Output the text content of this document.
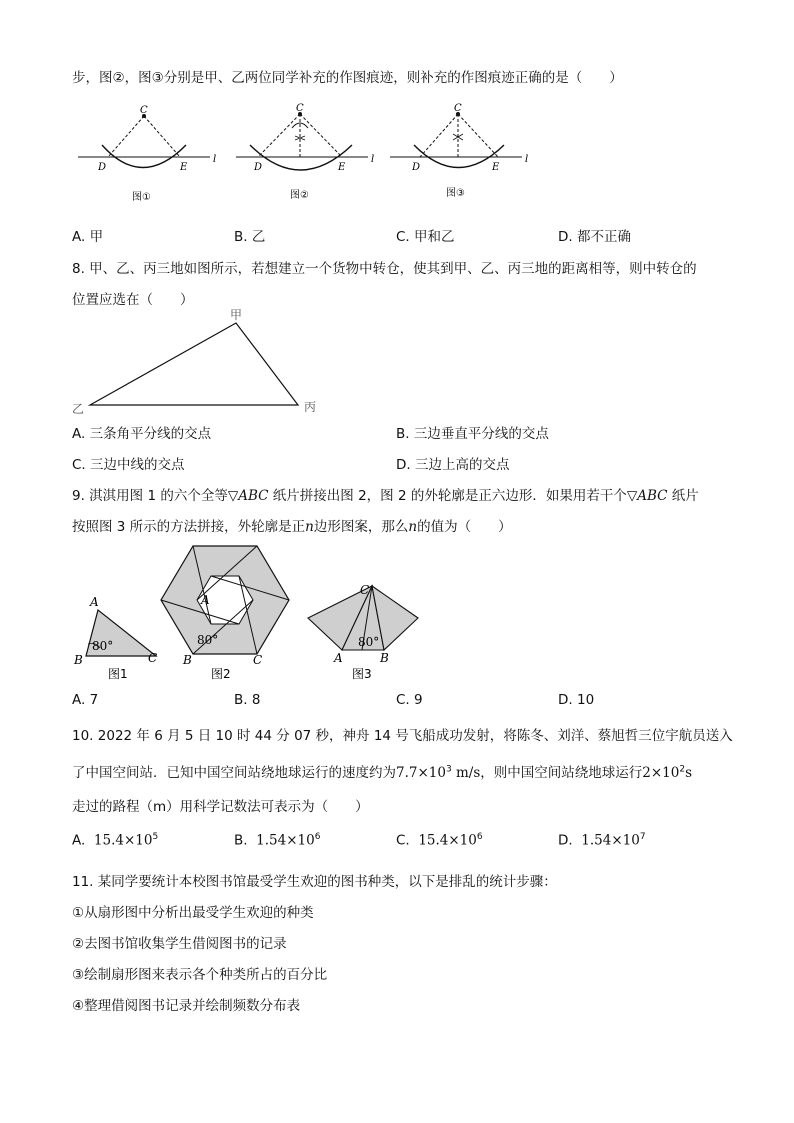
步，图②，图③分别是甲、乙两位同学补充的作图痕迹，则补充的作图痕迹正确的是（　　）
C
D	E
l
图①
C
D	E
l
图②
C
D	E
l
图③
A. 甲	B. 乙	C. 甲和乙	D. 都不正确
8. 甲、乙、丙三地如图所示，若想建立一个货物中转仓，使其到甲、乙、丙三地的距离相等，则中转仓的
位置应选在（　　）
甲
乙	丙
A. 三条角平分线的交点	B. 三边垂直平分线的交点
C. 三边中线的交点	D. 三边上高的交点
9. 淇淇用图 1 的六个全等▽ABC 纸片拼接出图 2，图 2 的外轮廓是正六边形．如果用若干个▽ABC 纸片
按照图 3 所示的方法拼接，外轮廓是正n边形图案，那么n的值为（　　）
A
B	C
80°
图1
A
B	C
80°
图2
C
A	B
80°
图3
A. 7	B. 8	C. 9	D. 10
10. 2022 年 6 月 5 日 10 时 44 分 07 秒，神舟 14 号飞船成功发射，将陈冬、刘洋、蔡旭哲三位宇航员送入
了中国空间站．已知中国空间站绕地球运行的速度约为$7.7\times 10^3$ m/s，则中国空间站绕地球运行$2\times 10^2s$
走过的路程（m）用科学记数法可表示为（　　）
A. $15.4\times 10^5$	B. $1.54\times 10^6$	C. $15.4\times 10^6$	D. $1.54\times 10^7$
11. 某同学要统计本校图书馆最受学生欢迎的图书种类，以下是排乱的统计步骤：
①从扇形图中分析出最受学生欢迎的种类
②去图书馆收集学生借阅图书的记录
③绘制扇形图来表示各个种类所占的百分比
④整理借阅图书记录并绘制频数分布表
